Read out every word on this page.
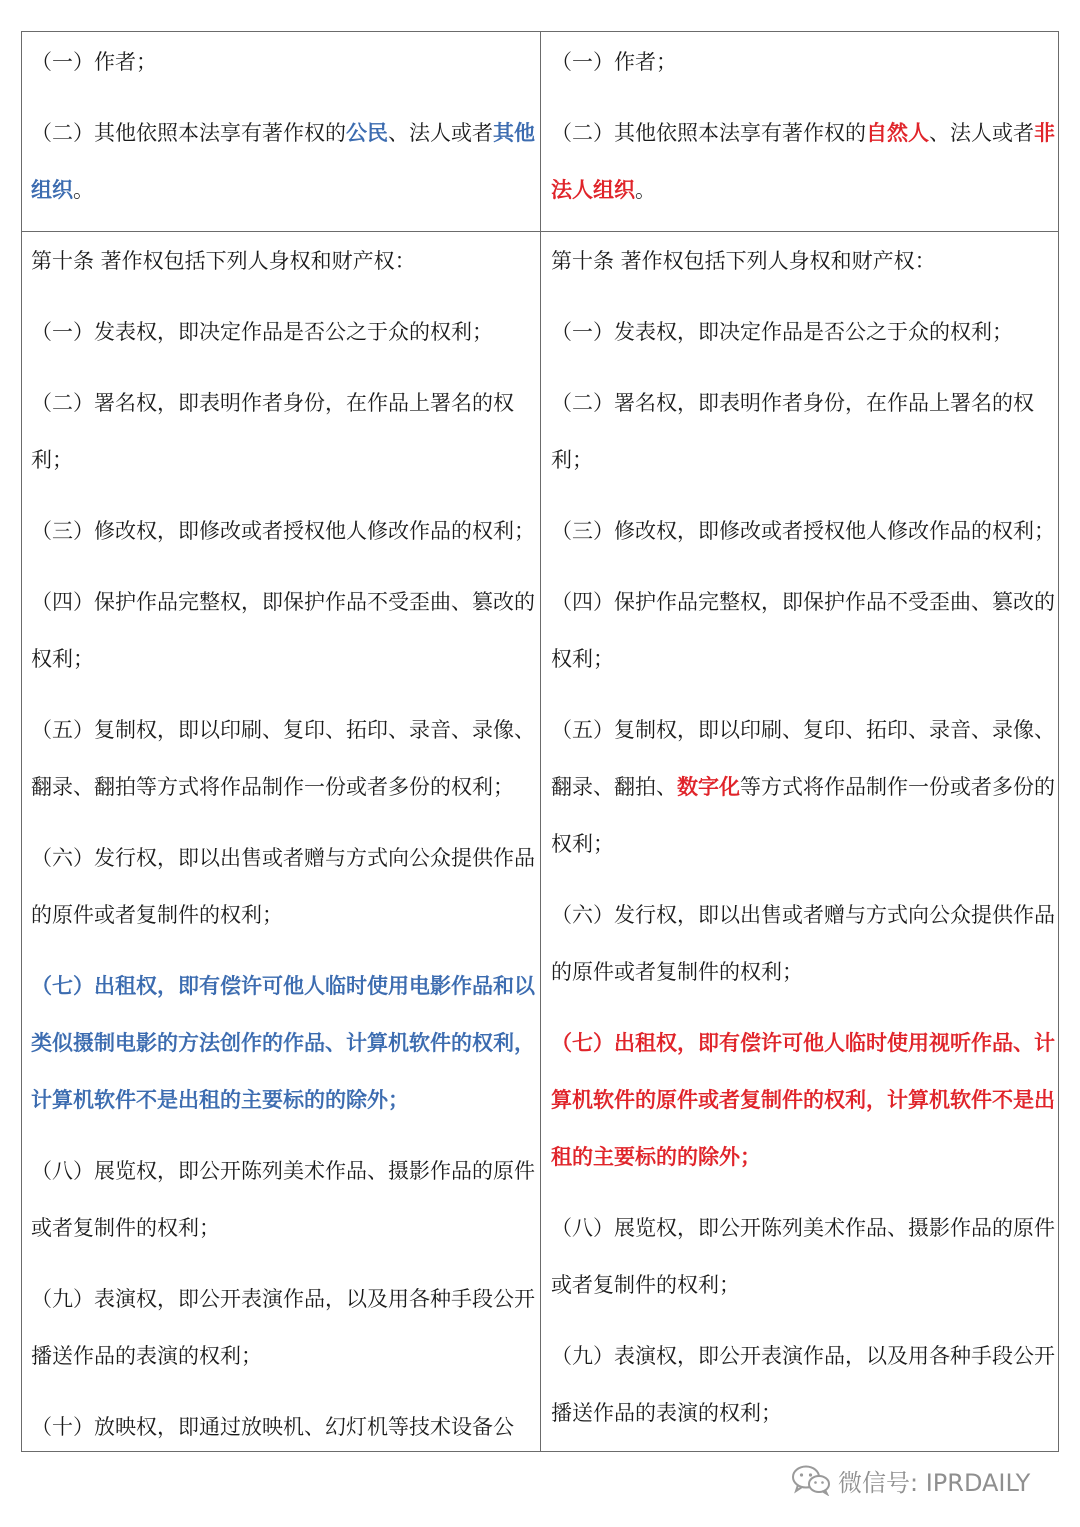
（一）作者；

（二）其他依照本法享有著作权的公民、法人或者其他组织。

（一）作者；

（二）其他依照本法享有著作权的自然人、法人或者非法人组织。

第十条 著作权包括下列人身权和财产权：

（一）发表权，即决定作品是否公之于众的权利；

（二）署名权，即表明作者身份，在作品上署名的权利；

（三）修改权，即修改或者授权他人修改作品的权利；

（四）保护作品完整权，即保护作品不受歪曲、篡改的权利；

（五）复制权，即以印刷、复印、拓印、录音、录像、翻录、翻拍等方式将作品制作一份或者多份的权利；

（六）发行权，即以出售或者赠与方式向公众提供作品的原件或者复制件的权利；

（七）出租权，即有偿许可他人临时使用电影作品和以类似摄制电影的方法创作的作品、计算机软件的权利，计算机软件不是出租的主要标的的除外；

（八）展览权，即公开陈列美术作品、摄影作品的原件或者复制件的权利；

（九）表演权，即公开表演作品，以及用各种手段公开播送作品的表演的权利；

（十）放映权，即通过放映机、幻灯机等技术设备公

第十条 著作权包括下列人身权和财产权：

（一）发表权，即决定作品是否公之于众的权利；

（二）署名权，即表明作者身份，在作品上署名的权利；

（三）修改权，即修改或者授权他人修改作品的权利；

（四）保护作品完整权，即保护作品不受歪曲、篡改的权利；

（五）复制权，即以印刷、复印、拓印、录音、录像、翻录、翻拍、数字化等方式将作品制作一份或者多份的权利；

（六）发行权，即以出售或者赠与方式向公众提供作品的原件或者复制件的权利；

（七）出租权，即有偿许可他人临时使用视听作品、计算机软件的原件或者复制件的权利，计算机软件不是出租的主要标的的除外；

（八）展览权，即公开陈列美术作品、摄影作品的原件或者复制件的权利；

（九）表演权，即公开表演作品，以及用各种手段公开播送作品的表演的权利；

微信号: IPRDAILY
